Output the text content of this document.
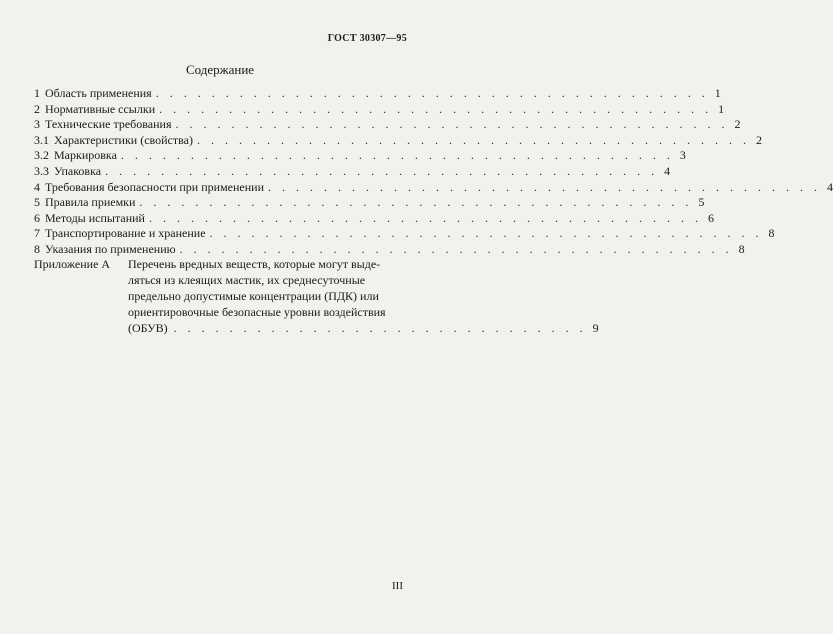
ГОСТ 30307—95
Содержание
1 Область применения . . . . . . . . . . . . . . . . . . . . . . . . . . . . . . . . . . . . . . . . 1
2 Нормативные ссылки . . . . . . . . . . . . . . . . . . . . . . . . . . . . . . . . . . . . . . . . 1
3 Технические требования . . . . . . . . . . . . . . . . . . . . . . . . . . . . . . . . . . . . . . . . 2
3.1 Характеристики (свойства) . . . . . . . . . . . . . . . . . . . . . . . . . . . . . . . . . . . . . . . . 2
3.2 Маркировка . . . . . . . . . . . . . . . . . . . . . . . . . . . . . . . . . . . . . . . . 3
3.3 Упаковка . . . . . . . . . . . . . . . . . . . . . . . . . . . . . . . . . . . . . . . . 4
4 Требования безопасности при применении . . . . . . . . . . . . . . . . . . . . . . . . . . . . . . . . . . . . . . . . 4
5 Правила приемки . . . . . . . . . . . . . . . . . . . . . . . . . . . . . . . . . . . . . . . . 5
6 Методы испытаний . . . . . . . . . . . . . . . . . . . . . . . . . . . . . . . . . . . . . . . . 6
7 Транспортирование и хранение . . . . . . . . . . . . . . . . . . . . . . . . . . . . . . . . . . . . . . . . 8
8 Указания по применению . . . . . . . . . . . . . . . . . . . . . . . . . . . . . . . . . . . . . . . . 8
Приложение А Перечень вредных веществ, которые могут выде-
ляться из клеящих мастик, их среднесуточные
предельно допустимые концентрации (ПДК) или
ориентировочные безопасные уровни воздействия
(ОБУВ) . . . . . . . . . . . . . . . . . . . . . . . . . . . . . . 9
III
